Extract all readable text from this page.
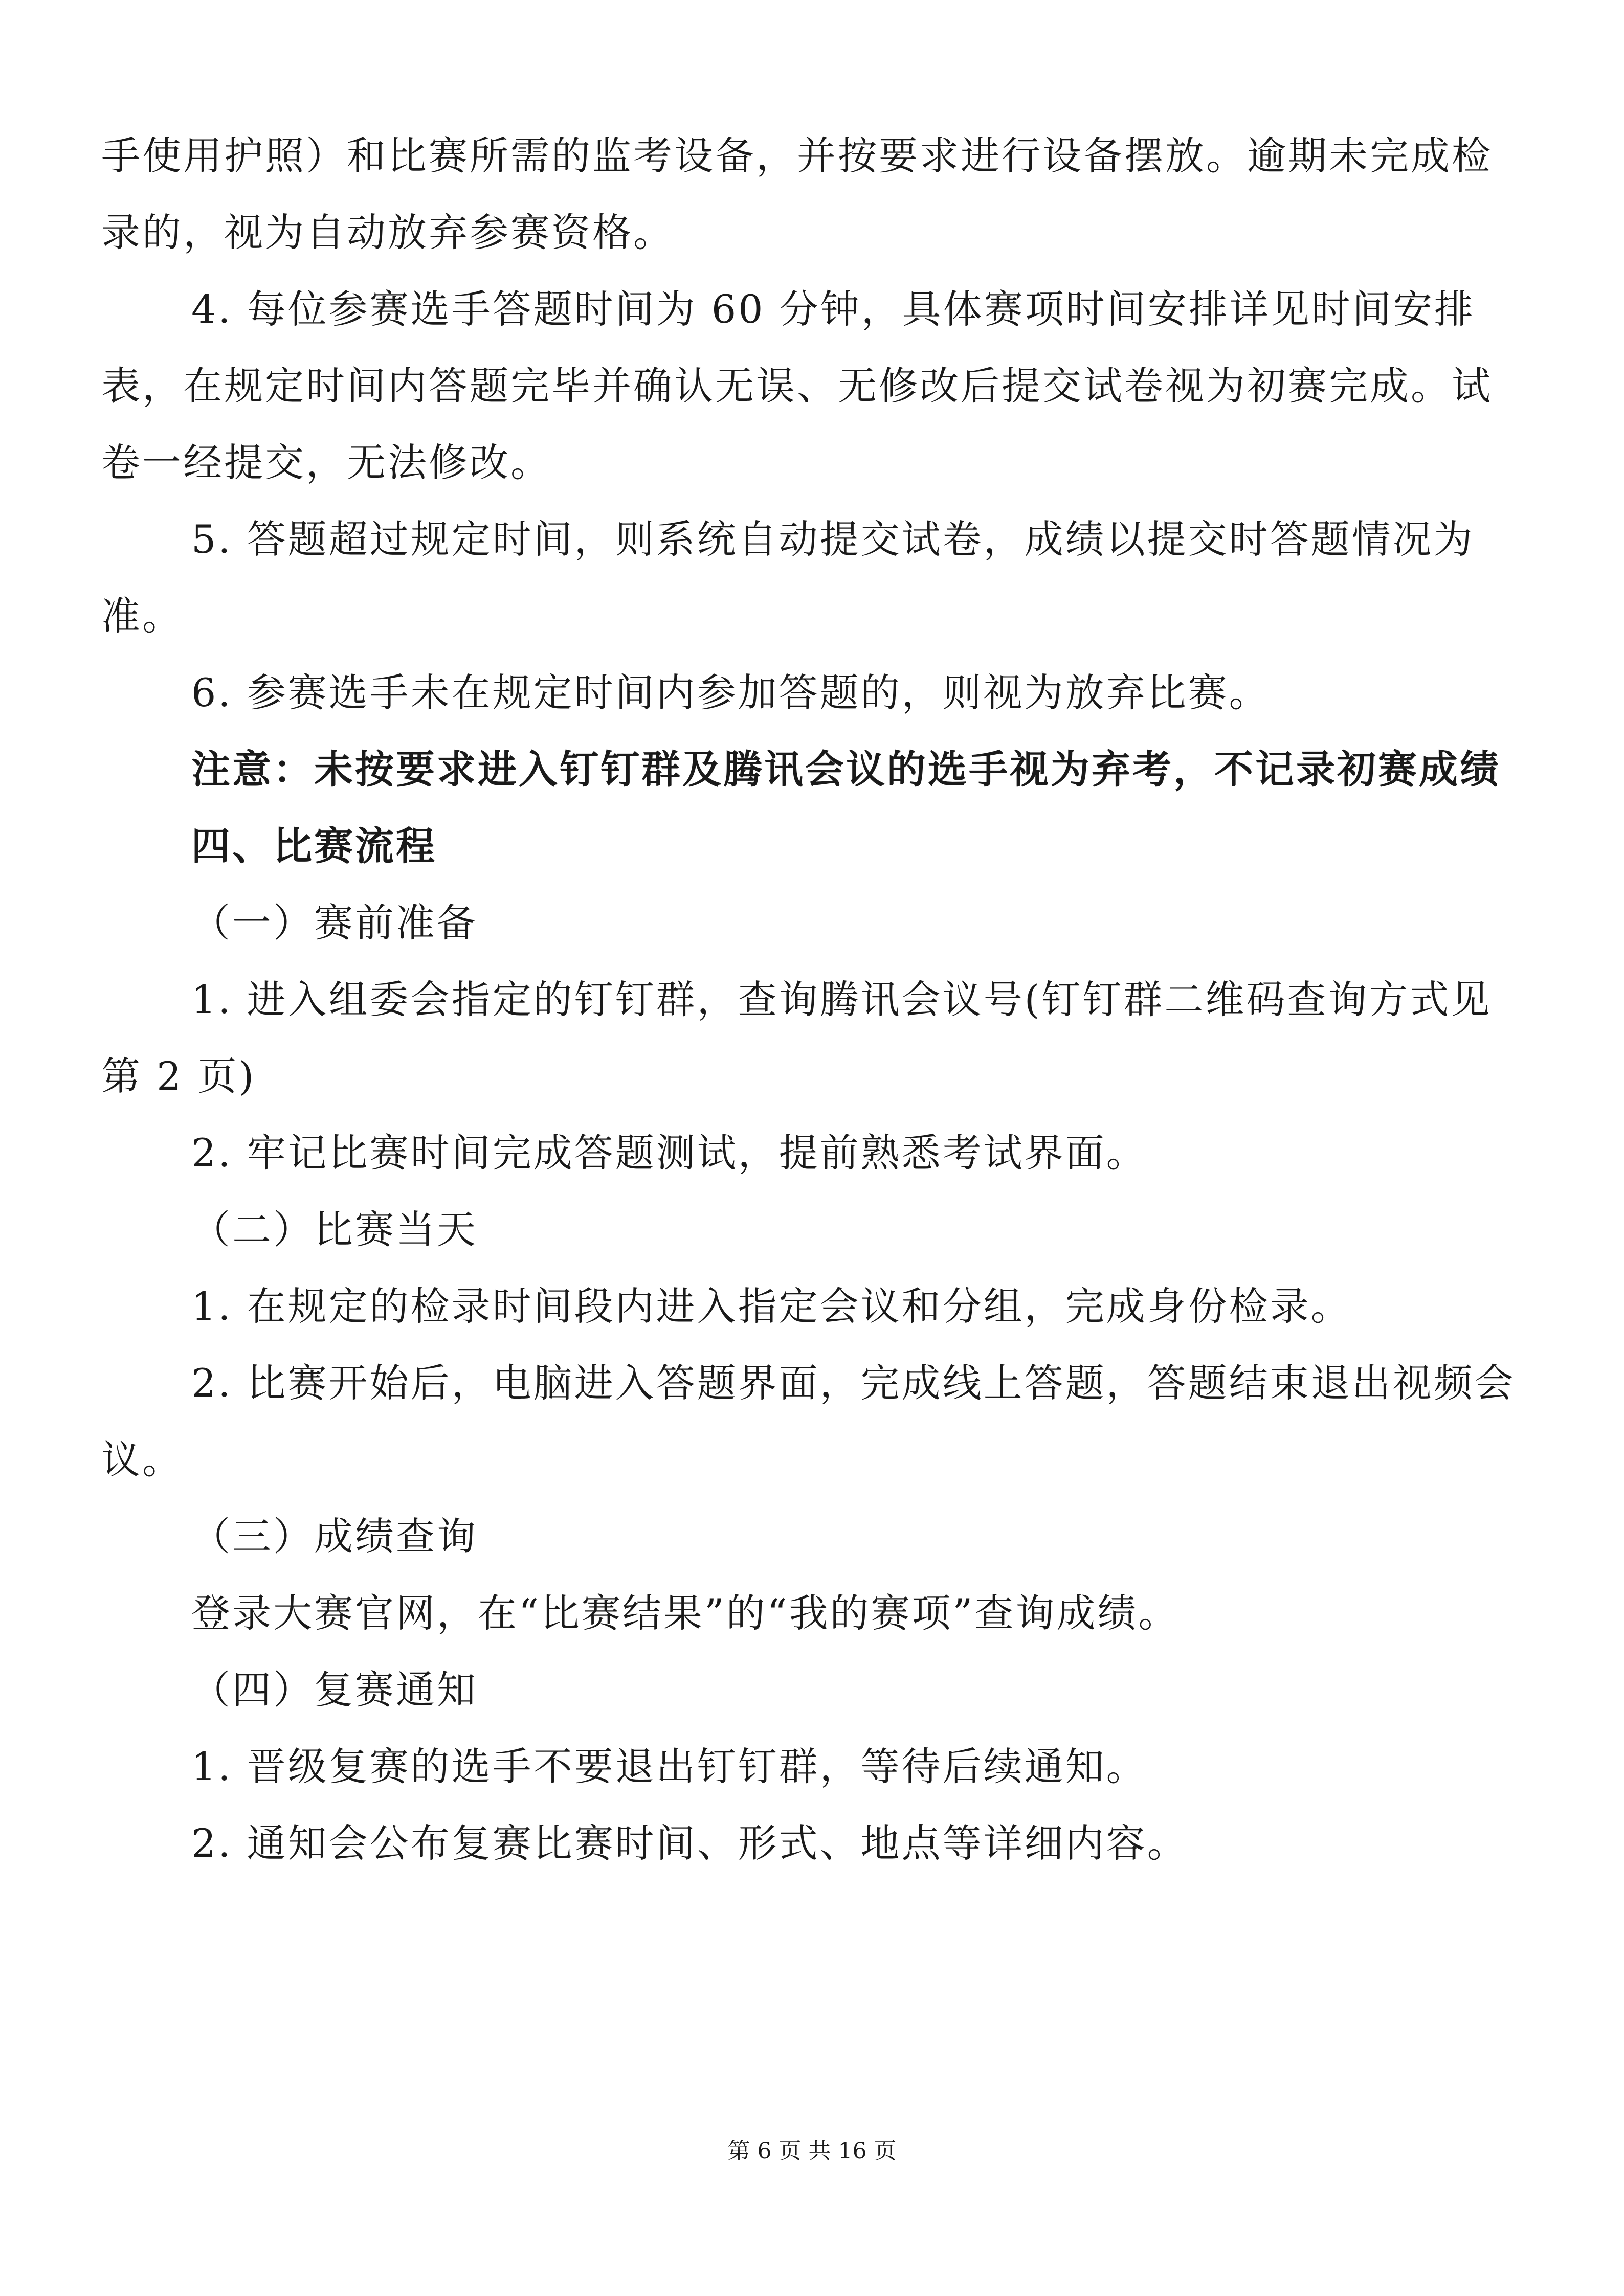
手使用护照）和比赛所需的监考设备，并按要求进行设备摆放。逾期未完成检录的，视为自动放弃参赛资格。

4. 每位参赛选手答题时间为 60 分钟，具体赛项时间安排详见时间安排表，在规定时间内答题完毕并确认无误、无修改后提交试卷视为初赛完成。试卷一经提交，无法修改。

5. 答题超过规定时间，则系统自动提交试卷，成绩以提交时答题情况为准。

6. 参赛选手未在规定时间内参加答题的，则视为放弃比赛。

注意：未按要求进入钉钉群及腾讯会议的选手视为弃考，不记录初赛成绩

四、比赛流程

（一）赛前准备

1. 进入组委会指定的钉钉群，查询腾讯会议号(钉钉群二维码查询方式见第 2 页)

2. 牢记比赛时间完成答题测试，提前熟悉考试界面。

（二）比赛当天

1. 在规定的检录时间段内进入指定会议和分组，完成身份检录。

2. 比赛开始后，电脑进入答题界面，完成线上答题，答题结束退出视频会议。

（三）成绩查询

登录大赛官网，在“比赛结果”的“我的赛项”查询成绩。

（四）复赛通知

1. 晋级复赛的选手不要退出钉钉群，等待后续通知。

2. 通知会公布复赛比赛时间、形式、地点等详细内容。

第 6 页 共 16 页
